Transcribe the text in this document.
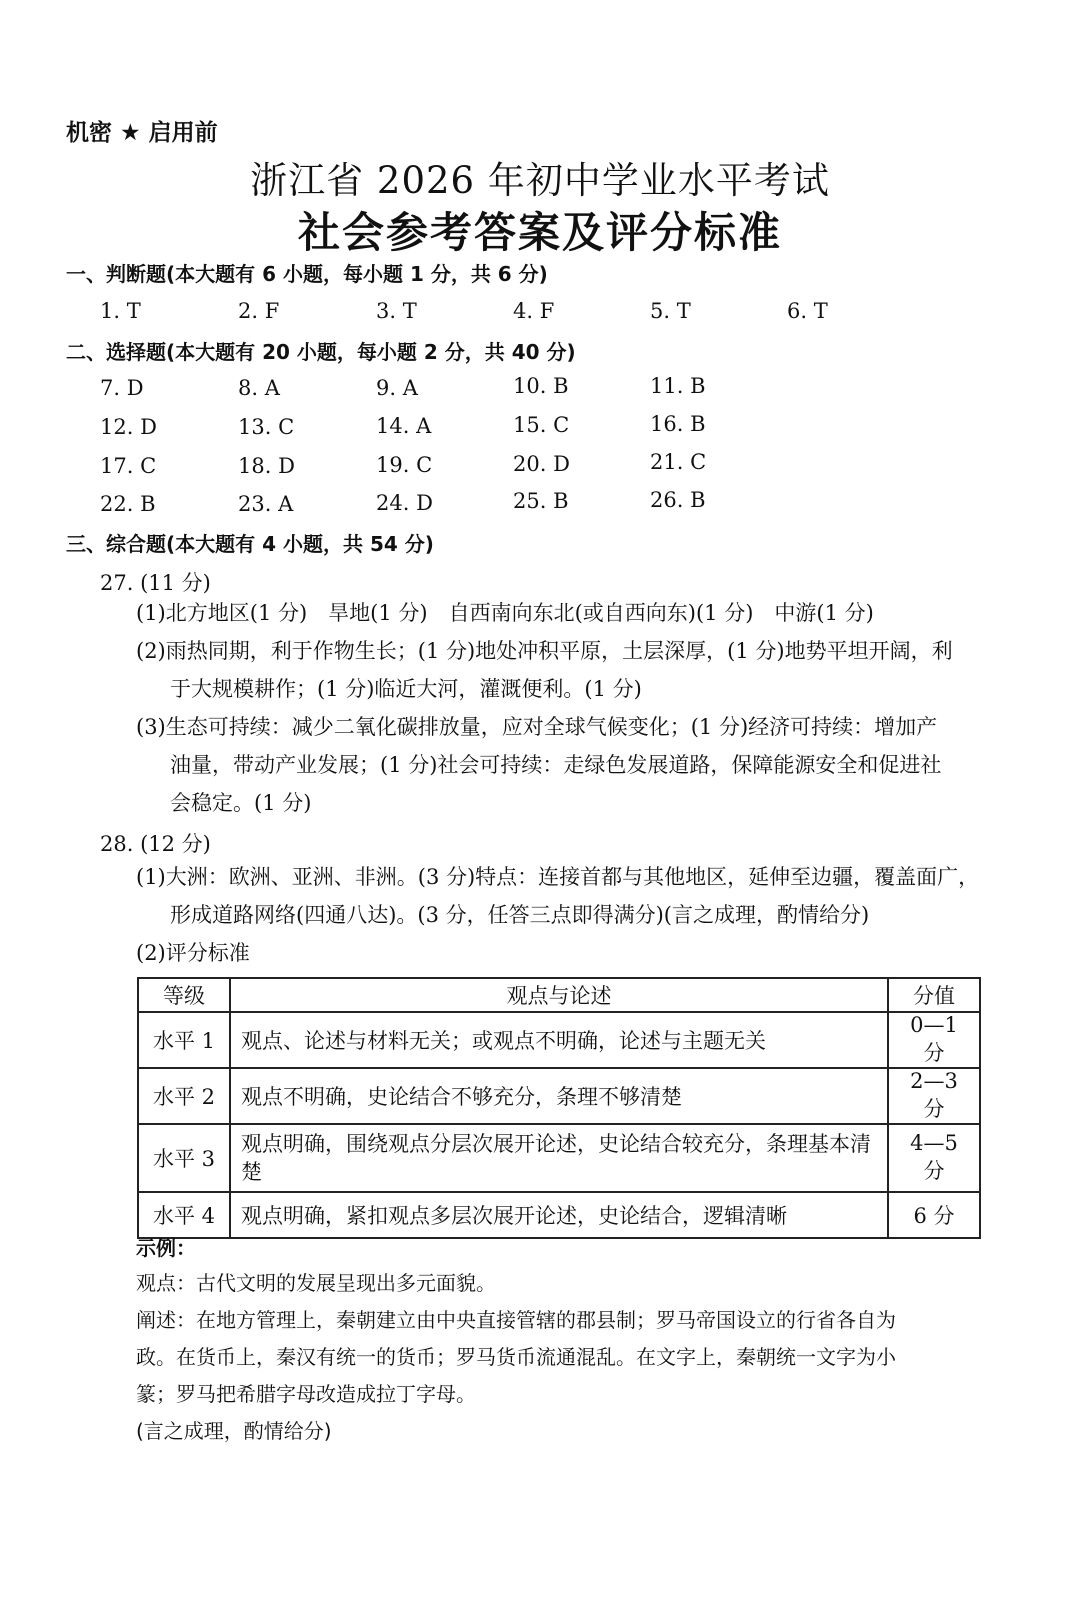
机密 ★ 启用前
浙江省 2026 年初中学业水平考试
社会参考答案及评分标准
一、判断题(本大题有 6 小题，每小题 1 分，共 6 分)
1. T	2. F	3. T	4. F	5. T	6. T
二、选择题(本大题有 20 小题，每小题 2 分，共 40 分)
7. D	8. A	9. A	10. B	11. B
12. D	13. C	14. A	15. C	16. B
17. C	18. D	19. C	20. D	21. C
22. B	23. A	24. D	25. B	26. B
三、综合题(本大题有 4 小题，共 54 分)
27. (11 分)
(1)北方地区(1 分)　旱地(1 分)　自西南向东北(或自西向东)(1 分)　中游(1 分)
(2)雨热同期，利于作物生长；(1 分)地处冲积平原，土层深厚，(1 分)地势平坦开阔，利
于大规模耕作；(1 分)临近大河，灌溉便利。(1 分)
(3)生态可持续：减少二氧化碳排放量，应对全球气候变化；(1 分)经济可持续：增加产
油量，带动产业发展；(1 分)社会可持续：走绿色发展道路，保障能源安全和促进社
会稳定。(1 分)
28. (12 分)
(1)大洲：欧洲、亚洲、非洲。(3 分)特点：连接首都与其他地区，延伸至边疆，覆盖面广，
形成道路网络(四通八达)。(3 分，任答三点即得满分)(言之成理，酌情给分)
(2)评分标准
等级	观点与论述	分值
水平 1	观点、论述与材料无关；或观点不明确，论述与主题无关	0—1 分
水平 2	观点不明确，史论结合不够充分，条理不够清楚	2—3 分
水平 3	观点明确，围绕观点分层次展开论述，史论结合较充分，条理基本清楚	4—5 分
水平 4	观点明确，紧扣观点多层次展开论述，史论结合，逻辑清晰	6 分
示例：
观点：古代文明的发展呈现出多元面貌。
阐述：在地方管理上，秦朝建立由中央直接管辖的郡县制；罗马帝国设立的行省各自为
政。在货币上，秦汉有统一的货币；罗马货币流通混乱。在文字上，秦朝统一文字为小
篆；罗马把希腊字母改造成拉丁字母。
(言之成理，酌情给分)
